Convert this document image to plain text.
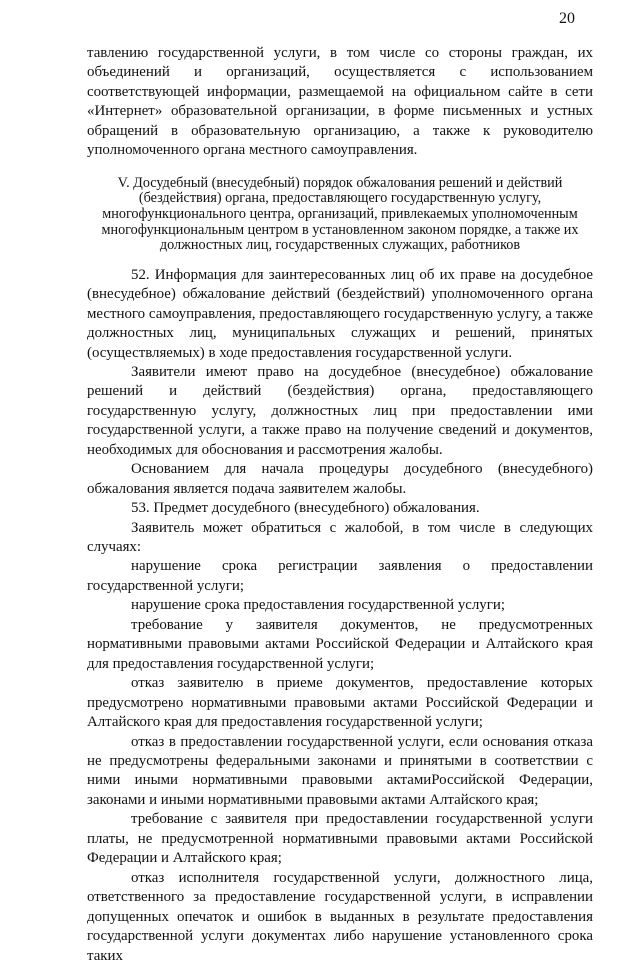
20

тавлению государственной услуги, в том числе со стороны граждан, их объединений и организаций, осуществляется с использованием соответствующей информации, размещаемой на официальном сайте в сети «Интернет» образовательной организации, в форме письменных и устных обращений в образовательную организацию, а также к руководителю уполномоченного органа местного самоуправления.

V. Досудебный (внесудебный) порядок обжалования решений и действий (бездействия) органа, предоставляющего государственную услугу, многофункционального центра, организаций, привлекаемых уполномоченным многофункциональным центром в установленном законом порядке, а также их должностных лиц, государственных служащих, работников

52. Информация для заинтересованных лиц об их праве на досудебное (внесудебное) обжалование действий (бездействий) уполномоченного органа местного самоуправления, предоставляющего государственную услугу, а также должностных лиц, муниципальных служащих и решений, принятых (осуществляемых) в ходе предоставления государственной услуги.

Заявители имеют право на досудебное (внесудебное) обжалование решений и действий (бездействия) органа, предоставляющего государственную услугу, должностных лиц при предоставлении ими государственной услуги, а также право на получение сведений и документов, необходимых для обоснования и рассмотрения жалобы.

Основанием для начала процедуры досудебного (внесудебного) обжалования является подача заявителем жалобы.

53. Предмет досудебного (внесудебного) обжалования.

Заявитель может обратиться с жалобой, в том числе в следующих случаях:

нарушение срока регистрации заявления о предоставлении государственной услуги;

нарушение срока предоставления государственной услуги;

требование у заявителя документов, не предусмотренных нормативными правовыми актами Российской Федерации и Алтайского края для предоставления государственной услуги;

отказ заявителю в приеме документов, предоставление которых предусмотрено нормативными правовыми актами Российской Федерации и Алтайского края для предоставления государственной услуги;

отказ в предоставлении государственной услуги, если основания отказа не предусмотрены федеральными законами и принятыми в соответствии с ними иными нормативными правовыми актамиРоссийской Федерации, законами и иными нормативными правовыми актами Алтайского края;

требование с заявителя при предоставлении государственной услуги платы, не предусмотренной нормативными правовыми актами Российской Федерации и Алтайского края;

отказ исполнителя государственной услуги, должностного лица, ответственного за предоставление государственной услуги, в исправлении допущенных опечаток и ошибок в выданных в результате предоставления государственной услуги документах либо нарушение установленного срока таких
